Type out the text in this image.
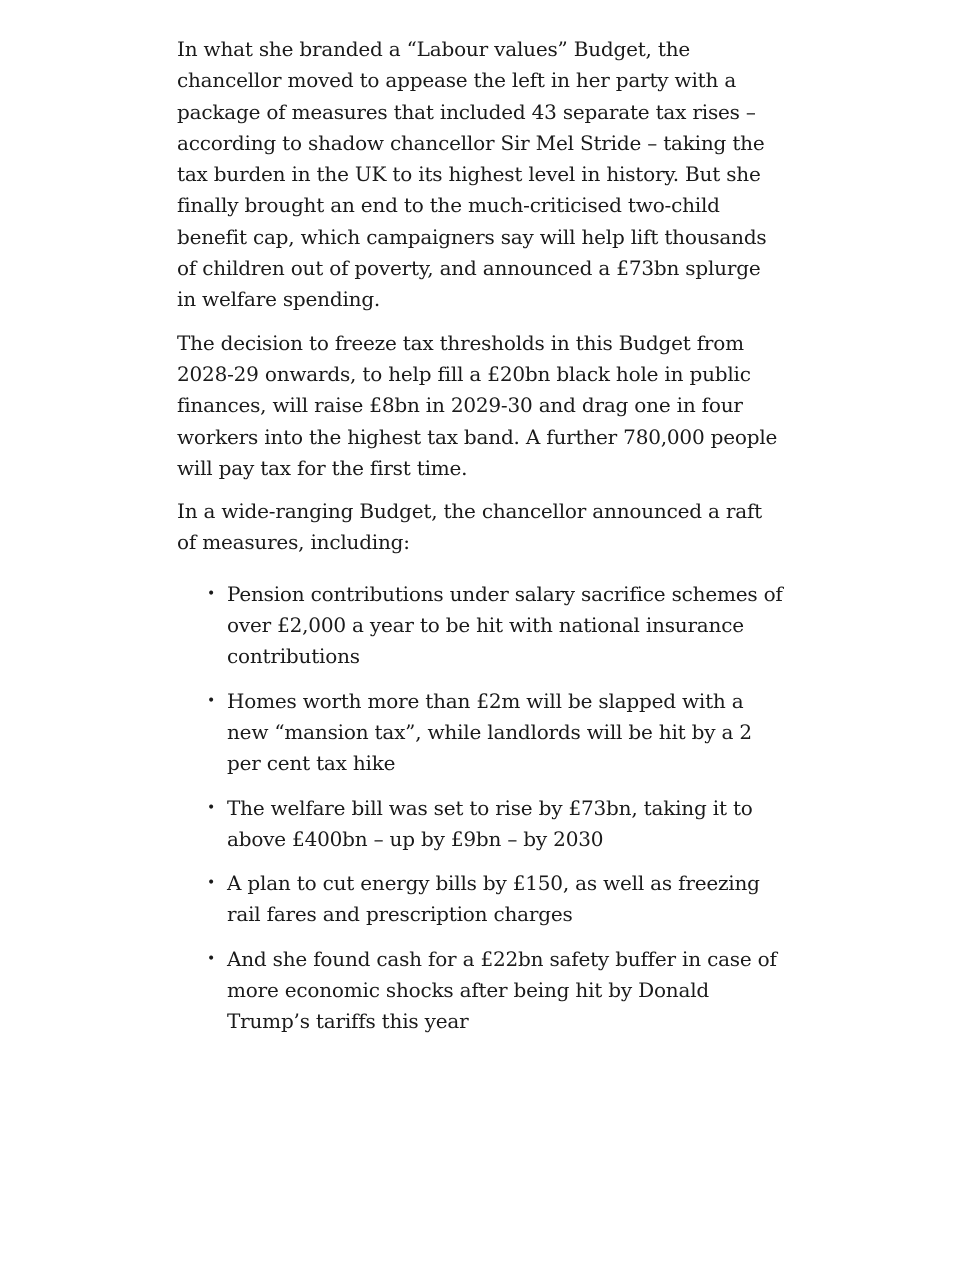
In what she branded a “Labour values” Budget, the chancellor moved to appease the left in her party with a package of measures that included 43 separate tax rises – according to shadow chancellor Sir Mel Stride – taking the tax burden in the UK to its highest level in history. But she finally brought an end to the much-criticised two-child benefit cap, which campaigners say will help lift thousands of children out of poverty, and announced a £73bn splurge in welfare spending.

The decision to freeze tax thresholds in this Budget from 2028-29 onwards, to help fill a £20bn black hole in public finances, will raise £8bn in 2029-30 and drag one in four workers into the highest tax band. A further 780,000 people will pay tax for the first time.

In a wide-ranging Budget, the chancellor announced a raft of measures, including:

• Pension contributions under salary sacrifice schemes of over £2,000 a year to be hit with national insurance contributions
• Homes worth more than £2m will be slapped with a new “mansion tax”, while landlords will be hit by a 2 per cent tax hike
• The welfare bill was set to rise by £73bn, taking it to above £400bn – up by £9bn – by 2030
• A plan to cut energy bills by £150, as well as freezing rail fares and prescription charges
• And she found cash for a £22bn safety buffer in case of more economic shocks after being hit by Donald Trump’s tariffs this year
